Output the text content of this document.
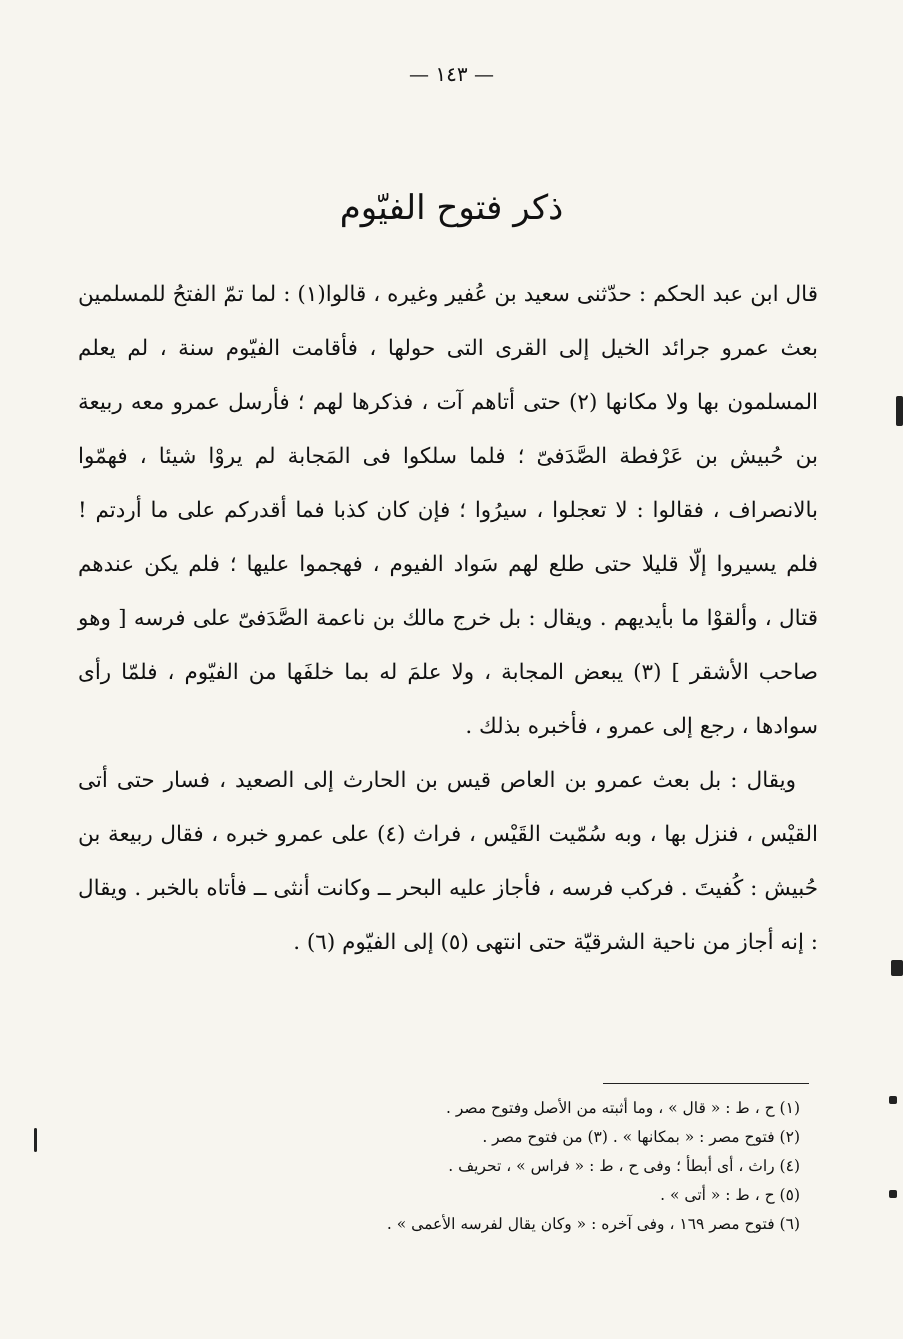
— ١٤٣ —
ذكر فتوح الفيّوم

قال ابن عبد الحكم : حدّثنى سعيد بن عُفير وغيره ، قالوا(١) : لما تمّ الفتحُ للمسلمين بعث عمرو جرائد الخيل إلى القرى التى حولها ، فأقامت الفيّوم سنة ، لم يعلم المسلمون بها ولا مكانها (٢) حتى أتاهم آت ، فذكرها لهم ؛ فأرسل عمرو معه ربيعة بن حُبيش بن عَرْفطة الصَّدَفىّ ؛ فلما سلكوا فى المَجابة لم يروْا شيئا ، فهمّوا بالانصراف ، فقالوا : لا تعجلوا ، سيرُوا ؛ فإن كان كذبا فما أقدركم على ما أردتم ! فلم يسيروا إلّا قليلا حتى طلع لهم سَواد الفيوم ، فهجموا عليها ؛ فلم يكن عندهم قتال ، وألقوْا ما بأيديهم . ويقال : بل خرج مالك بن ناعمة الصَّدَفىّ على فرسه [ وهو صاحب الأشقر ] (٣) يبعض المجابة ، ولا علمَ له بما خلفَها من الفيّوم ، فلمّا رأى سوادها ، رجع إلى عمرو ، فأخبره بذلك .

ويقال : بل بعث عمرو بن العاص قيس بن الحارث إلى الصعيد ، فسار حتى أتى القيْس ، فنزل بها ، وبه سُمّيت القَيْس ، فراث (٤) على عمرو خبره ، فقال ربيعة بن حُبيش : كُفيتَ . فركب فرسه ، فأجاز عليه البحر ــ وكانت أنثى ــ فأتاه بالخبر . ويقال : إنه أجاز من ناحية الشرقيّة حتى انتهى (٥) إلى الفيّوم (٦) .

(١) ح ، ط : « قال » ، وما أثبته من الأصل وفتوح مصر .
(٢) فتوح مصر : « بمكانها » . (٣) من فتوح مصر .
(٤) راث ، أى أبطأ ؛ وفى ح ، ط : « فراس » ، تحريف .
(٥) ح ، ط : « أتى » .
(٦) فتوح مصر ١٦٩ ، وفى آخره : « وكان يقال لفرسه الأعمى » .
